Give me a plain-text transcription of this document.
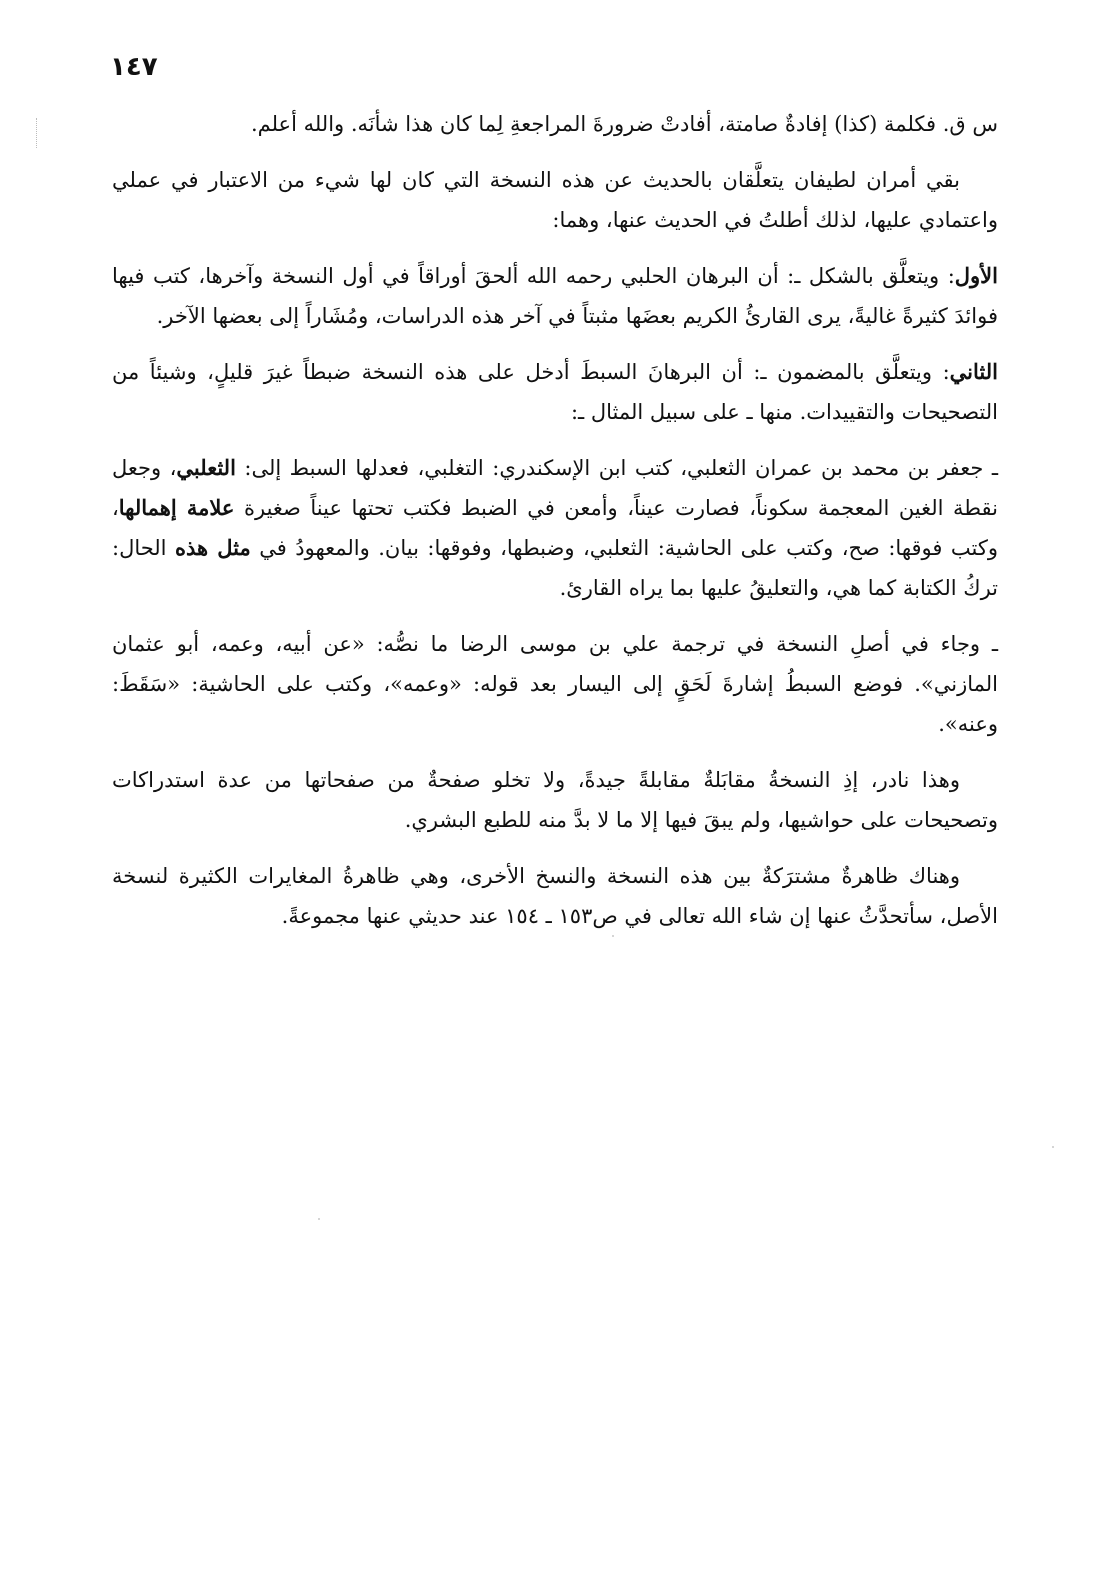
١٤٧

س ق. فكلمة (كذا) إفادةٌ صامتة، أفادتْ ضرورةَ المراجعةِ لِما كان هذا شأنَه. والله أعلم.

بقي أمران لطيفان يتعلَّقان بالحديث عن هذه النسخة التي كان لها شيء من الاعتبار في عملي واعتمادي عليها، لذلك أطلتُ في الحديث عنها، وهما:

الأول: ويتعلَّق بالشكل ـ: أن البرهان الحلبي رحمه الله ألحقَ أوراقاً في أول النسخة وآخرها، كتب فيها فوائدَ كثيرةً غاليةً، يرى القارئُ الكريم بعضَها مثبتاً في آخر هذه الدراسات، ومُشَاراً إلى بعضها الآخر.

الثاني: ويتعلَّق بالمضمون ـ: أن البرهانَ السبطَ أدخل على هذه النسخة ضبطاً غيرَ قليلٍ، وشيئاً من التصحيحات والتقييدات. منها ـ على سبيل المثال ـ:

ـ جعفر بن محمد بن عمران الثعلبي، كتب ابن الإسكندري: التغلبي، فعدلها السبط إلى: الثعلبي، وجعل نقطة الغين المعجمة سكوناً، فصارت عيناً، وأمعن في الضبط فكتب تحتها عيناً صغيرة علامة إهمالها، وكتب فوقها: صح، وكتب على الحاشية: الثعلبي، وضبطها، وفوقها: بيان. والمعهودُ في مثل هذه الحال: تركُ الكتابة كما هي، والتعليقُ عليها بما يراه القارئ.

ـ وجاء في أصلِ النسخة في ترجمة علي بن موسى الرضا ما نصُّه: «عن أبيه، وعمه، أبو عثمان المازني». فوضع السبطُ إشارةَ لَحَقٍ إلى اليسار بعد قوله: «وعمه»، وكتب على الحاشية: «سَقَطَ: وعنه».

وهذا نادر، إذِ النسخةُ مقابَلةٌ مقابلةً جيدةً، ولا تخلو صفحةٌ من صفحاتها من عدة استدراكات وتصحيحات على حواشيها، ولم يبقَ فيها إلا ما لا بدَّ منه للطبع البشري.

وهناك ظاهرةٌ مشترَكةٌ بين هذه النسخة والنسخ الأخرى، وهي ظاهرةُ المغايرات الكثيرة لنسخة الأصل، سأتحدَّثُ عنها إن شاء الله تعالى في ص١٥٣ ـ ١٥٤ عند حديثي عنها مجموعةً.
